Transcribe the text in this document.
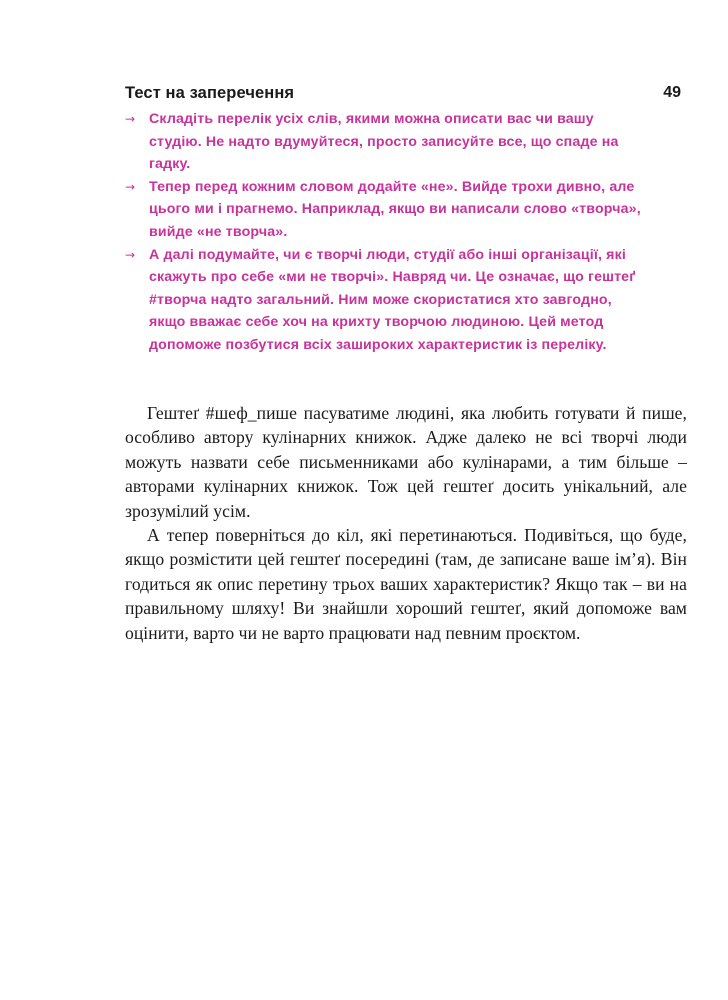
Тест на заперечення	49
→ Складіть перелік усіх слів, якими можна описати вас чи вашу студію. Не надто вдумуйтеся, просто записуйте все, що спаде на гадку.
→ Тепер перед кожним словом додайте «не». Вийде трохи дивно, але цього ми і прагнемо. Наприклад, якщо ви написали слово «творча», вийде «не творча».
→ А далі подумайте, чи є творчі люди, студії або інші організації, які скажуть про себе «ми не творчі». Навряд чи. Це означає, що гештеґ #творча надто загальний. Ним може скористатися хто завгодно, якщо вважає себе хоч на крихту творчою людиною. Цей метод допоможе позбутися всіх заширoких характеристик із переліку.

Гештеґ #шеф_пише пасуватиме людині, яка любить готувати й пише, особливо автору кулінарних книжок. Адже далеко не всі творчі люди можуть назвати себе письменниками або кулінарами, а тим більше – авторами кулінарних книжок. Тож цей гештеґ досить унікальний, але зрозумілий усім.

А тепер поверніться до кіл, які перетинаються. Подивіться, що буде, якщо розмістити цей гештеґ посередині (там, де записане ваше ім’я). Він годиться як опис перетину трьох ваших характеристик? Якщо так – ви на правильному шляху! Ви знайшли хороший гештеґ, який допоможе вам оцінити, варто чи не варто працювати над певним проєктом.
